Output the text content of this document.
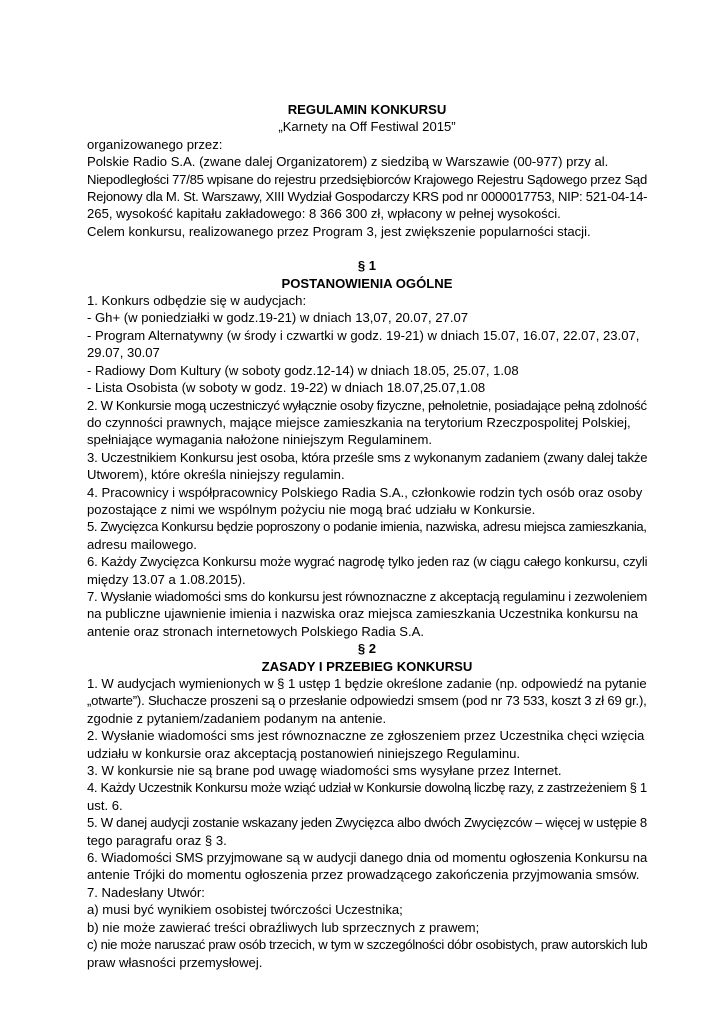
REGULAMIN KONKURSU
„Karnety na Off Festiwal 2015”
organizowanego przez:
Polskie Radio S.A. (zwane dalej Organizatorem) z siedzibą w Warszawie (00-977) przy al.
Niepodległości 77/85 wpisane do rejestru przedsiębiorców Krajowego Rejestru Sądowego przez Sąd
Rejonowy dla M. St. Warszawy, XIII Wydział Gospodarczy KRS pod nr 0000017753, NIP: 521-04-14-
265, wysokość kapitału zakładowego: 8 366 300 zł, wpłacony w pełnej wysokości.
Celem konkursu, realizowanego przez Program 3, jest zwiększenie popularności stacji.
§ 1
POSTANOWIENIA OGÓLNE
1. Konkurs odbędzie się w audycjach:
- Gh+ (w poniedziałki w godz.19-21) w dniach 13,07, 20.07, 27.07
- Program Alternatywny (w środy i czwartki w godz. 19-21) w dniach 15.07, 16.07, 22.07, 23.07,
29.07, 30.07
- Radiowy Dom Kultury (w soboty godz.12-14) w dniach 18.05, 25.07, 1.08
- Lista Osobista (w soboty w godz. 19-22) w dniach 18.07,25.07,1.08
2. W Konkursie mogą uczestniczyć wyłącznie osoby fizyczne, pełnoletnie, posiadające pełną zdolność
do czynności prawnych, mające miejsce zamieszkania na terytorium Rzeczpospolitej Polskiej,
spełniające wymagania nałożone niniejszym Regulaminem.
3. Uczestnikiem Konkursu jest osoba, która prześle sms z wykonanym zadaniem (zwany dalej także
Utworem), które określa niniejszy regulamin.
4. Pracownicy i współpracownicy Polskiego Radia S.A., członkowie rodzin tych osób oraz osoby
pozostające z nimi we wspólnym pożyciu nie mogą brać udziału w Konkursie.
5. Zwycięzca Konkursu będzie poproszony o podanie imienia, nazwiska, adresu miejsca zamieszkania,
adresu mailowego.
6. Każdy Zwycięzca Konkursu może wygrać nagrodę tylko jeden raz (w ciągu całego konkursu, czyli
między 13.07 a 1.08.2015).
7. Wysłanie wiadomości sms do konkursu jest równoznaczne z akceptacją regulaminu i zezwoleniem
na publiczne ujawnienie imienia i nazwiska oraz miejsca zamieszkania Uczestnika konkursu na
antenie oraz stronach internetowych Polskiego Radia S.A.
§ 2
ZASADY I PRZEBIEG KONKURSU
1. W audycjach wymienionych w § 1 ustęp 1 będzie określone zadanie (np. odpowiedź na pytanie
„otwarte”). Słuchacze proszeni są o przesłanie odpowiedzi smsem (pod nr 73 533, koszt 3 zł 69 gr.),
zgodnie z pytaniem/zadaniem podanym na antenie.
2. Wysłanie wiadomości sms jest równoznaczne ze zgłoszeniem przez Uczestnika chęci wzięcia
udziału w konkursie oraz akceptacją postanowień niniejszego Regulaminu.
3. W konkursie nie są brane pod uwagę wiadomości sms wysyłane przez Internet.
4. Każdy Uczestnik Konkursu może wziąć udział w Konkursie dowolną liczbę razy, z zastrzeżeniem § 1
ust. 6.
5. W danej audycji zostanie wskazany jeden Zwycięzca albo dwóch Zwycięzców – więcej w ustępie 8
tego paragrafu oraz § 3.
6. Wiadomości SMS przyjmowane są w audycji danego dnia od momentu ogłoszenia Konkursu na
antenie Trójki do momentu ogłoszenia przez prowadzącego zakończenia przyjmowania smsów.
7. Nadesłany Utwór:
a) musi być wynikiem osobistej twórczości Uczestnika;
b) nie może zawierać treści obraźliwych lub sprzecznych z prawem;
c) nie może naruszać praw osób trzecich, w tym w szczególności dóbr osobistych, praw autorskich lub
praw własności przemysłowej.
